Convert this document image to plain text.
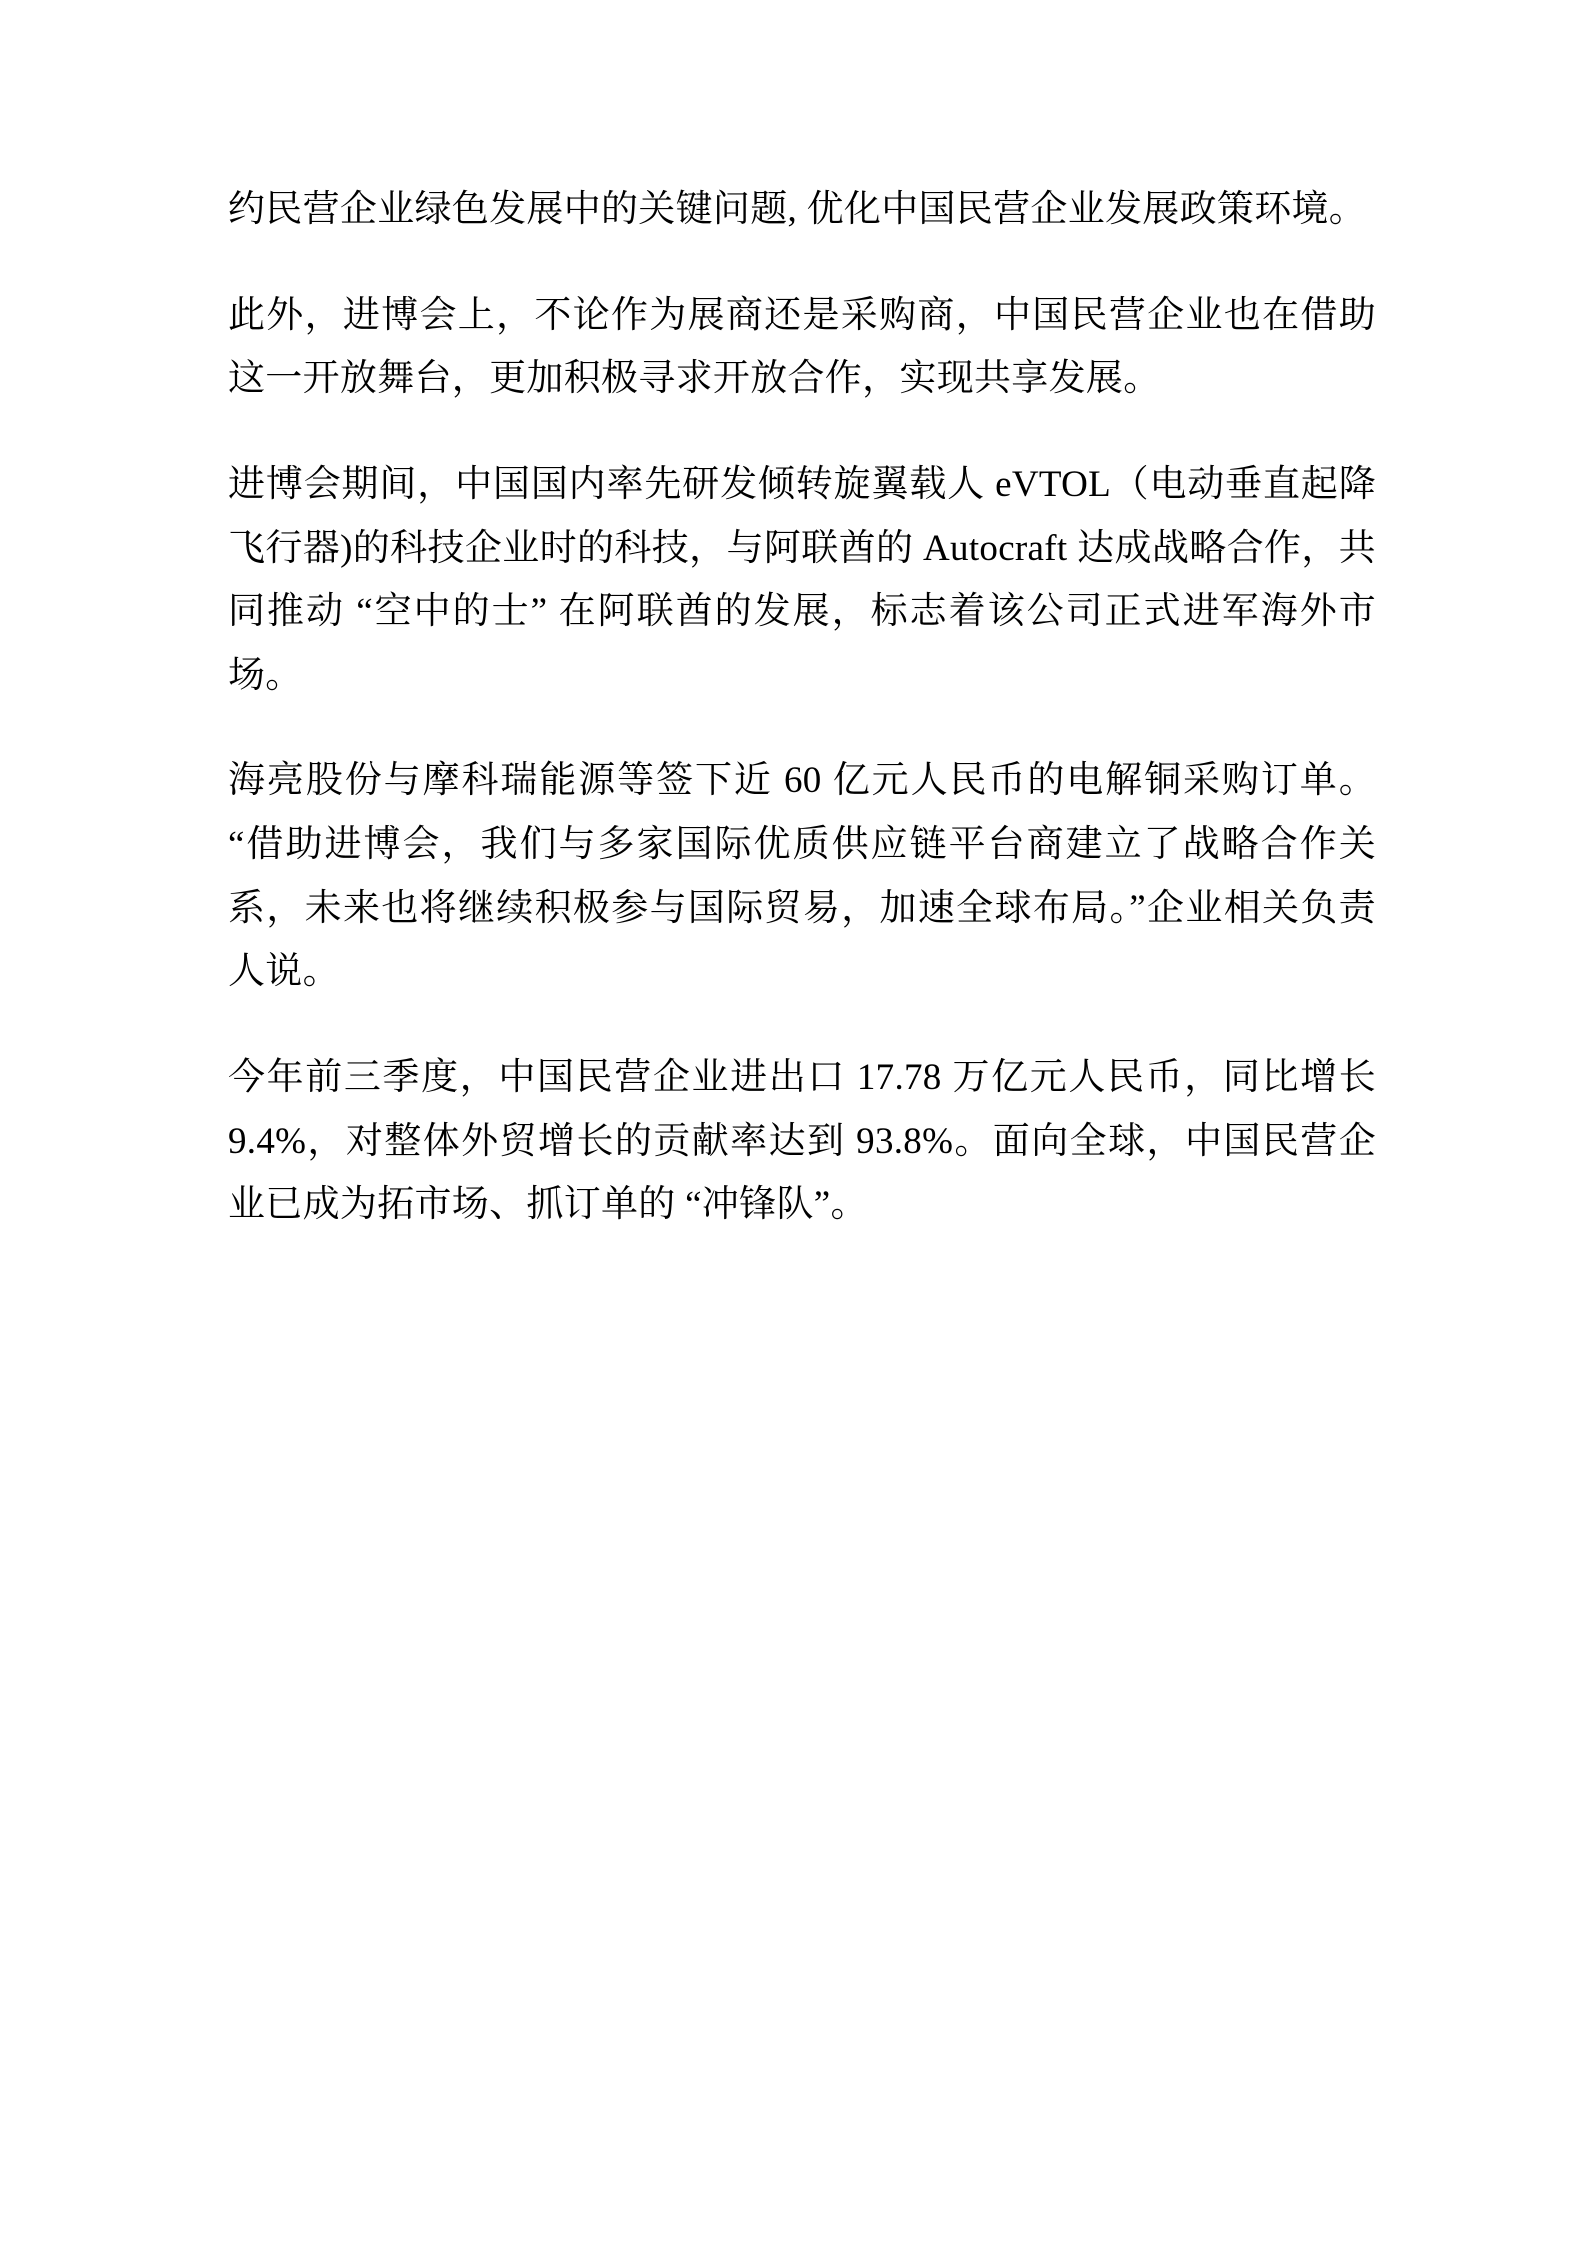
约民营企业绿色发展中的关键问题, 优化中国民营企业发展政策环境。

此外，进博会上，不论作为展商还是采购商，中国民营企业也在借助这一开放舞台，更加积极寻求开放合作，实现共享发展。

进博会期间，中国国内率先研发倾转旋翼载人 eVTOL（电动垂直起降飞行器)的科技企业时的科技，与阿联酋的 Autocraft 达成战略合作，共同推动 “空中的士” 在阿联酋的发展，标志着该公司正式进军海外市场。

海亮股份与摩科瑞能源等签下近 60 亿元人民币的电解铜采购订单。“借助进博会，我们与多家国际优质供应链平台商建立了战略合作关系，未来也将继续积极参与国际贸易，加速全球布局。”企业相关负责人说。

今年前三季度，中国民营企业进出口 17.78 万亿元人民币，同比增长 9.4%，对整体外贸增长的贡献率达到 93.8%。面向全球，中国民营企业已成为拓市场、抓订单的 “冲锋队”。
